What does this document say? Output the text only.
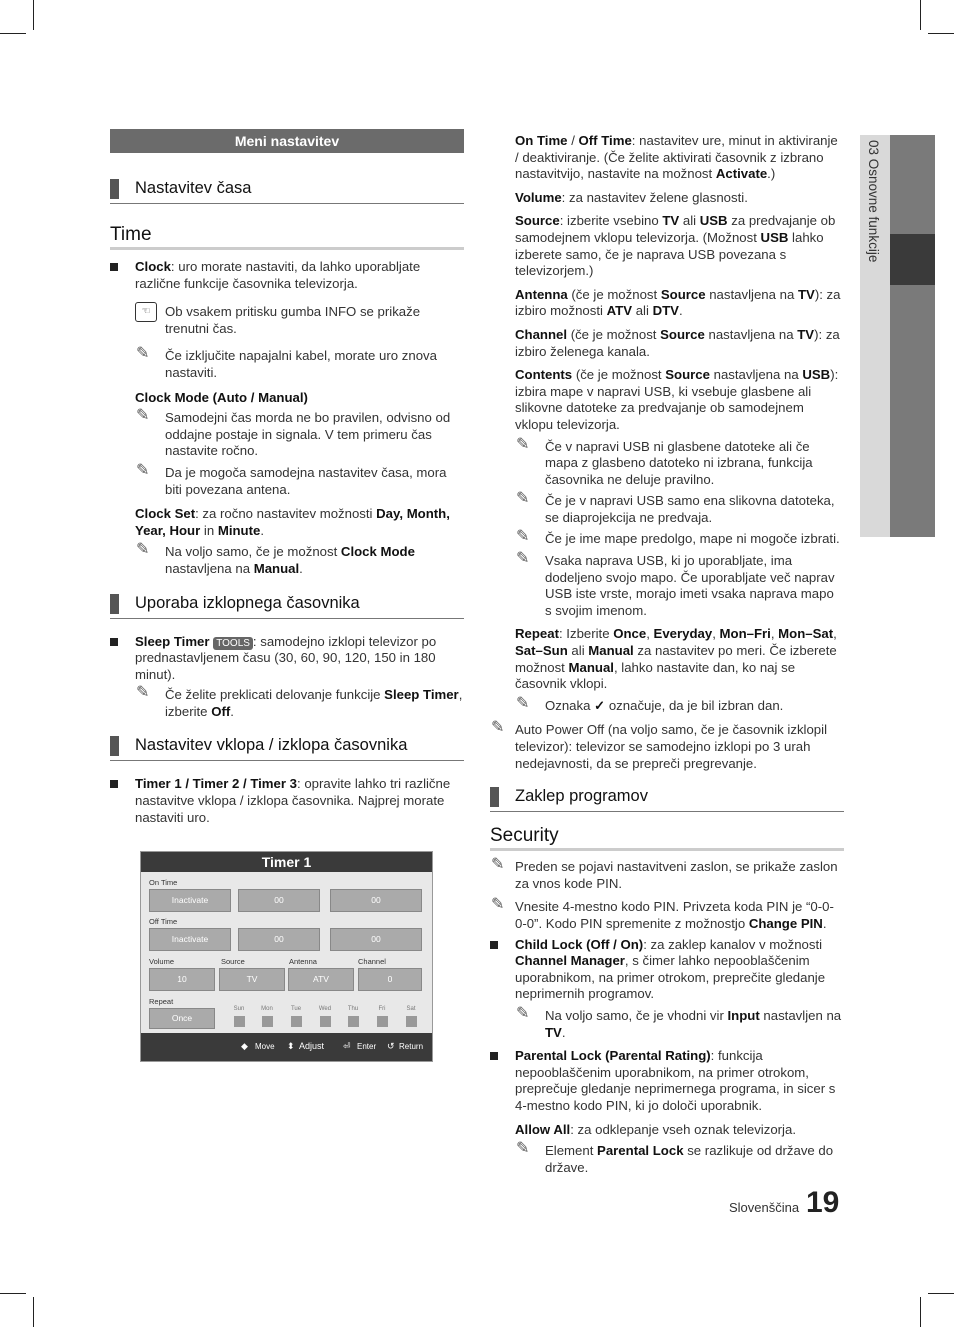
03 Osnovne funkcije
Meni nastavitev
Nastavitev časa
Time
Clock: uro morate nastaviti, da lahko uporabljate različne funkcije časovnika televizorja.
☜	Ob vsakem pritisku gumba INFO se prikaže trenutni čas.
✎ Če izključite napajalni kabel, morate uro znova nastaviti.

Clock Mode (Auto / Manual)

✎ Samodejni čas morda ne bo pravilen, odvisno od oddajne postaje in signala. V tem primeru čas nastavite ročno.
✎ Da je mogoča samodejna nastavitev časa, mora biti povezana antena.

Clock Set: za ročno nastavitev možnosti Day, Month, Year, Hour in Minute.

✎ Na voljo samo, če je možnost Clock Mode nastavljena na Manual.
Uporaba izklopnega časovnika
Sleep Timer TOOLS : samodejno izklopi televizor po prednastavljenem času (30, 60, 90, 120, 150 in 180 minut).
✎ Če želite preklicati delovanje funkcije Sleep Timer, izberite Off.
Nastavitev vklopa / izklopa časovnika
Timer 1 / Timer 2 / Timer 3: opravite lahko tri različne nastavitve vklopa / izklopa časovnika. Najprej morate nastaviti uro.
Timer 1
On Time
Inactivate	00	00
Off Time
Inactivate	00	00
Volume	Source	Antenna	Channel
10	TV	ATV	0
Repeat
Once
Sun	Mon	Tue	Wed	Thu	Fri	Sat
◆ Move ⬍ Adjust ⏎ Enter ↺ Return

On Time / Off Time: nastavitev ure, minut in aktiviranje / deaktiviranje. (Če želite aktivirati časovnik z izbrano nastavitvijo, nastavite na možnost Activate.)

Volume: za nastavitev želene glasnosti.

Source: izberite vsebino TV ali USB za predvajanje ob samodejnem vklopu televizorja. (Možnost USB lahko izberete samo, če je naprava USB povezana s televizorjem.)

Antenna (če je možnost Source nastavljena na TV): za izbiro možnosti ATV ali DTV.

Channel (če je možnost Source nastavljena na TV): za izbiro želenega kanala.

Contents (če je možnost Source nastavljena na USB): izbira mape v napravi USB, ki vsebuje glasbene ali slikovne datoteke za predvajanje ob samodejnem vklopu televizorja.

✎ Če v napravi USB ni glasbene datoteke ali če mapa z glasbeno datoteko ni izbrana, funkcija časovnika ne deluje pravilno.
✎ Če je v napravi USB samo ena slikovna datoteka, se diaprojekcija ne predvaja.
✎ Če je ime mape predolgo, mape ni mogoče izbrati.
✎ Vsaka naprava USB, ki jo uporabljate, ima dodeljeno svojo mapo. Če uporabljate več naprav USB iste vrste, morajo imeti vsaka naprava mapo s svojim imenom.

Repeat: Izberite Once, Everyday, Mon–Fri, Mon–Sat, Sat–Sun ali Manual za nastavitev po meri. Če izberete možnost Manual, lahko nastavite dan, ko naj se časovnik vklopi.

✎ Oznaka ✓ označuje, da je bil izbran dan.
✎ Auto Power Off (na voljo samo, če je časovnik izklopil televizor): televizor se samodejno izklopi po 3 urah nedejavnosti, da se prepreči pregrevanje.
Zaklep programov
Security
✎ Preden se pojavi nastavitveni zaslon, se prikaže zaslon za vnos kode PIN.
✎ Vnesite 4-mestno kodo PIN. Privzeta koda PIN je “0-0-0-0”. Kodo PIN spremenite z možnostjo Change PIN.
Child Lock (Off / On): za zaklep kanalov v možnosti Channel Manager, s čimer lahko nepooblaščenim uporabnikom, na primer otrokom, preprečite gledanje neprimernih programov.
✎ Na voljo samo, če je vhodni vir Input nastavljen na TV.
Parental Lock (Parental Rating): funkcija nepooblaščenim uporabnikom, na primer otrokom, preprečuje gledanje neprimernega programa, in sicer s 4-mestno kodo PIN, ki jo določi uporabnik.

Allow All: za odklepanje vseh oznak televizorja.

✎ Element Parental Lock se razlikuje od države do države.
Slovenščina 19
